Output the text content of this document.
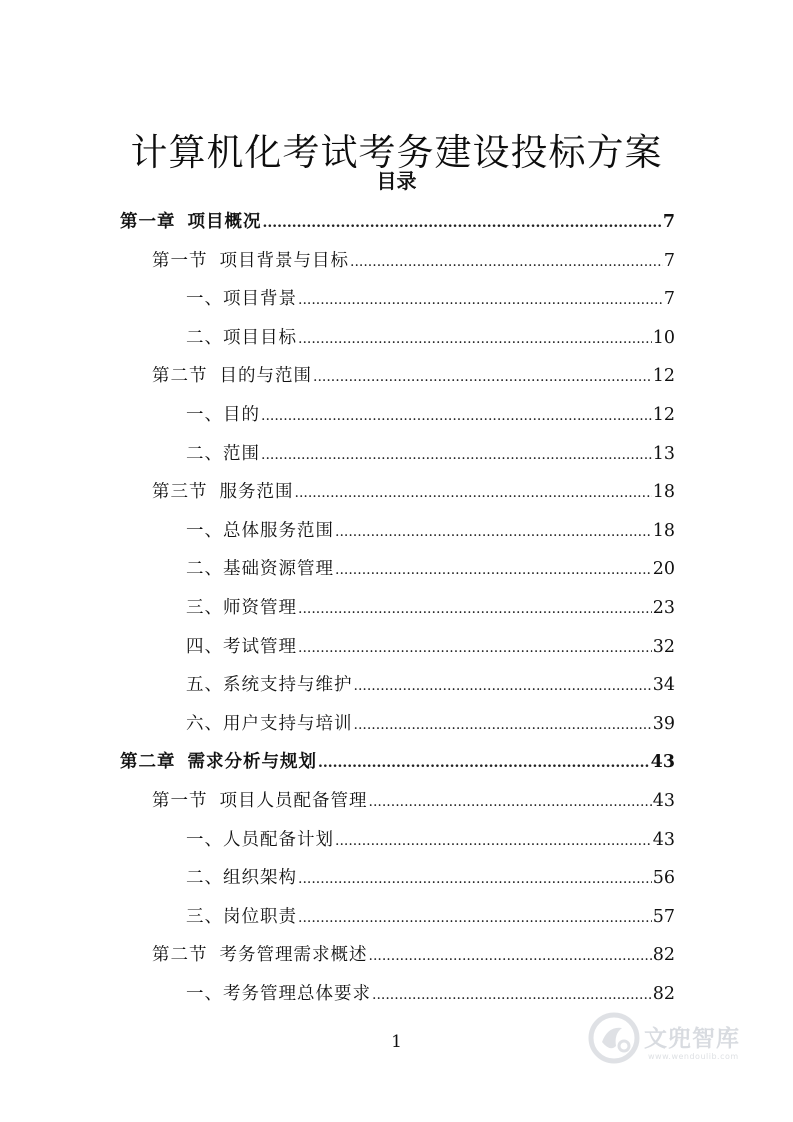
计算机化考试考务建设投标方案
目录
第一章 项目概况 .....	7
第一节 项目背景与目标 .....	7
一、 项目背景 .....	7
二、 项目目标 .....	10
第二节 目的与范围 .....	12
一、 目的 .....	12
二、 范围 .....	13
第三节 服务范围 .....	18
一、 总体服务范围 .....	18
二、 基础资源管理 .....	20
三、 师资管理 .....	23
四、 考试管理 .....	32
五、 系统支持与维护 .....	34
六、 用户支持与培训 .....	39
第二章 需求分析与规划 .....	43
第一节 项目人员配备管理 .....	43
一、 人员配备计划 .....	43
二、 组织架构 .....	56
三、 岗位职责 .....	57
第二节 考务管理需求概述 .....	82
一、 考务管理总体要求 .....	82
1	文兜智库
www.wendoulib.com
